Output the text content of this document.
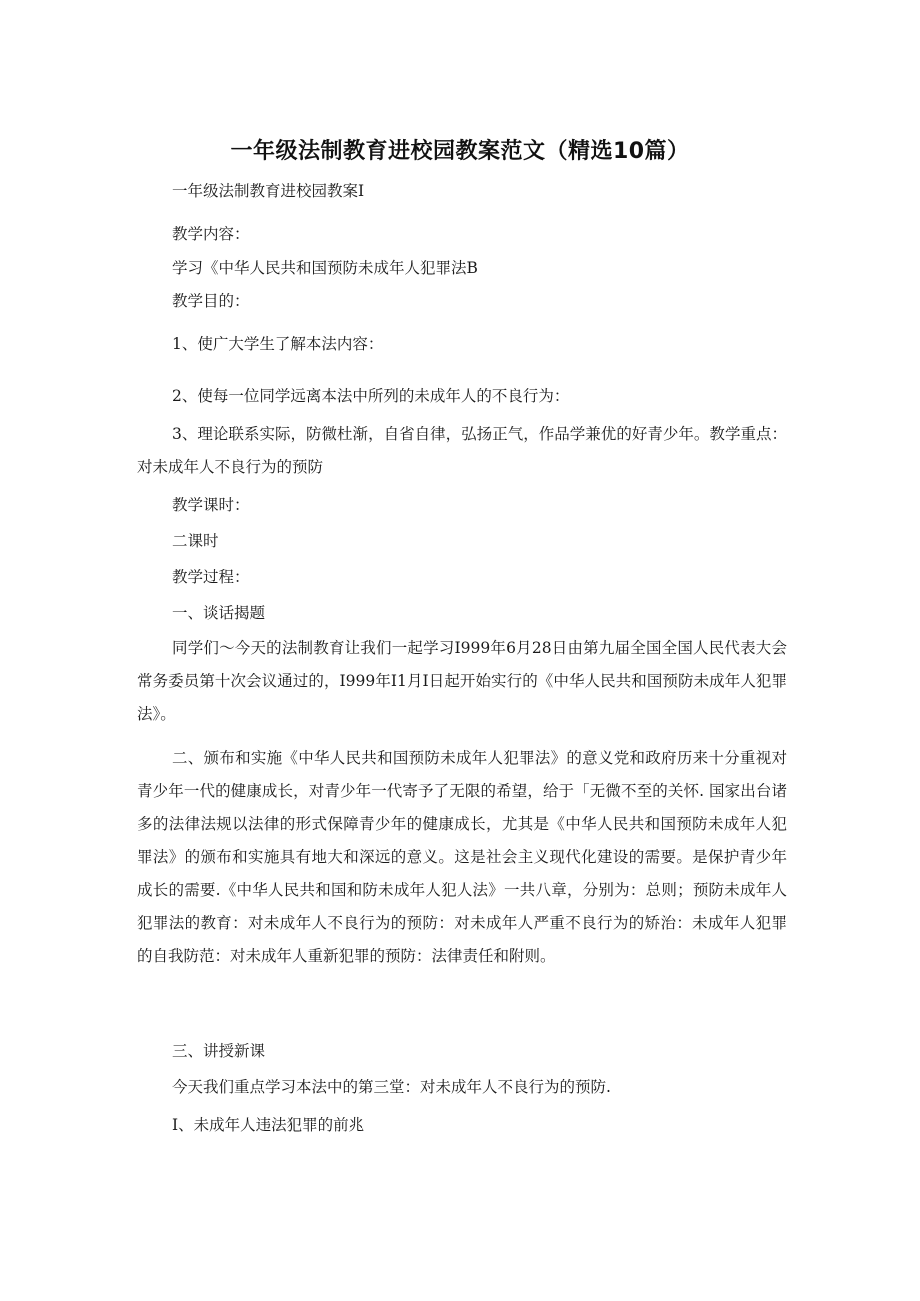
一年级法制教育进校园教案范文（精选10篇）

一年级法制教育进校园教案I

教学内容：

学习《中华人民共和国预防未成年人犯罪法B

教学目的：

1、使广大学生了解本法内容：

2、使每一位同学远离本法中所列的未成年人的不良行为：

3、理论联系实际，防微杜渐，自省自律，弘扬正气，作品学兼优的好青少年。教学重点：对未成年人不良行为的预防

教学课时：

二课时

教学过程：

一、谈话揭题

同学们～今天的法制教育让我们一起学习I999年6月28日由第九届全国全国人民代表大会常务委员第十次会议通过的，I999年I1月I日起开始实行的《中华人民共和国预防未成年人犯罪法》。

二、颁布和实施《中华人民共和国预防未成年人犯罪法》的意义党和政府历来十分重视对青少年一代的健康成长，对青少年一代寄予了无限的希望，给于「无微不至的关怀. 国家出台诸多的法律法规以法律的形式保障青少年的健康成长，尤其是《中华人民共和国预防未成年人犯罪法》的颁布和实施具有地大和深远的意义。这是社会主义现代化建设的需要。是保护青少年成长的需要.《中华人民共和国和防未成年人犯人法》一共八章，分别为：总则；预防未成年人犯罪法的教育：对未成年人不良行为的预防：对未成年人严重不良行为的矫治：未成年人犯罪的自我防范：对未成年人重新犯罪的预防：法律责任和附则。

三、讲授新课

今天我们重点学习本法中的第三堂：对未成年人不良行为的预防.

I、未成年人违法犯罪的前兆
